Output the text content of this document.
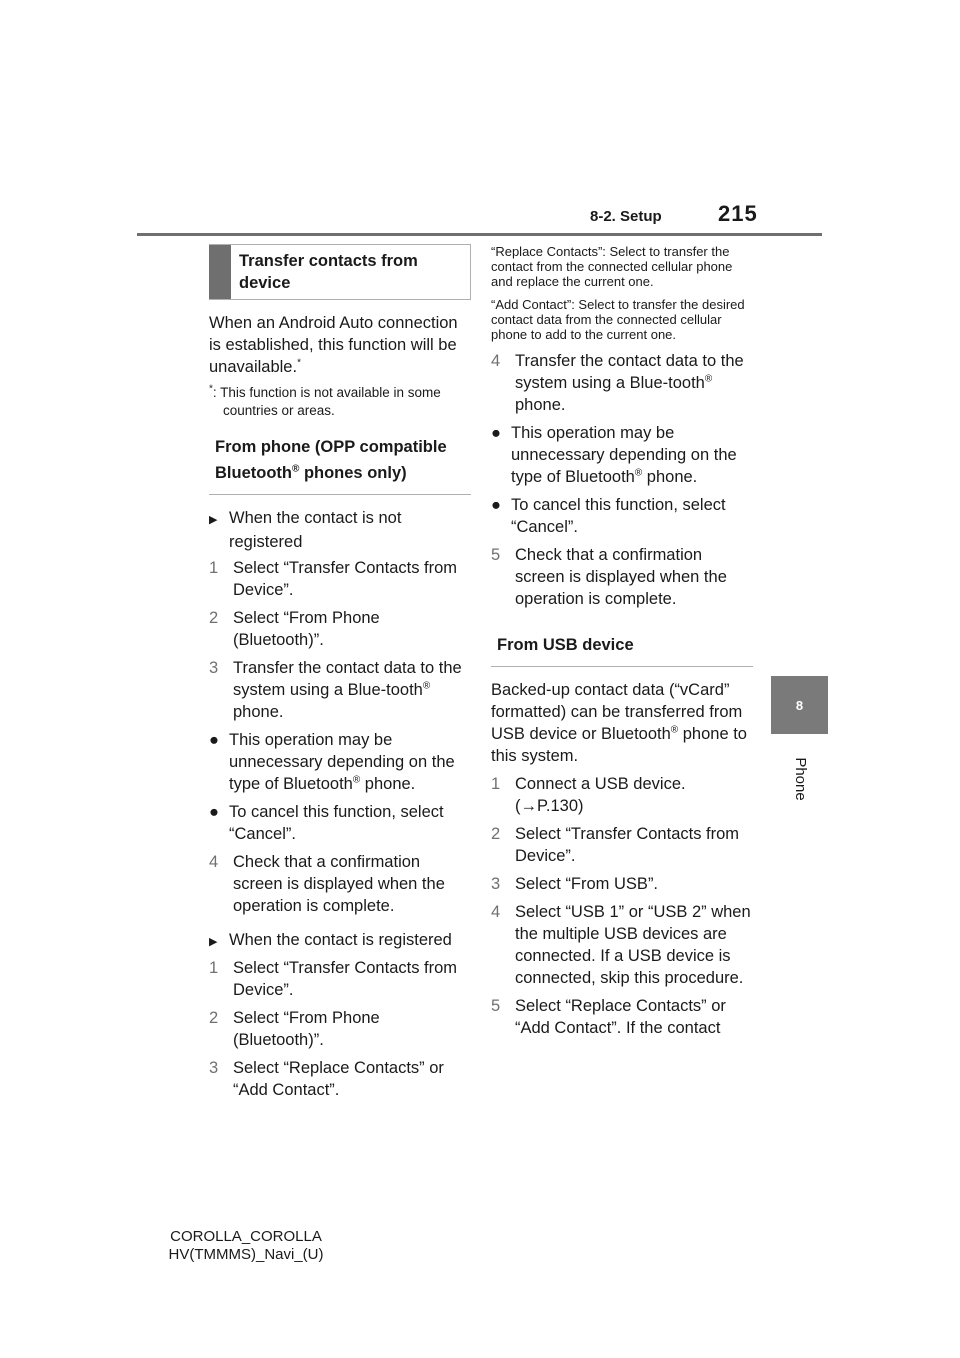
8-2. Setup	215
8
Phone
Transfer contacts from device

When an Android Auto connection is established, this function will be unavailable.*

*: This function is not available in some countries or areas.

From phone (OPP compatible Bluetooth® phones only)

▶ When the contact is not registered

1 Select “Transfer Contacts from Device”.

2 Select “From Phone (Bluetooth)”.

3 Transfer the contact data to the system using a Blue-tooth® phone.

● This operation may be unnecessary depending on the type of Bluetooth® phone.

● To cancel this function, select “Cancel”.

4 Check that a confirmation screen is displayed when the operation is complete.

▶ When the contact is registered

1 Select “Transfer Contacts from Device”.

2 Select “From Phone (Bluetooth)”.

3 Select “Replace Contacts” or “Add Contact”.

“Replace Contacts”: Select to transfer the contact from the connected cellular phone and replace the current one.

“Add Contact”: Select to transfer the desired contact data from the connected cellular phone to add to the current one.

4 Transfer the contact data to the system using a Blue-tooth® phone.

● This operation may be unnecessary depending on the type of Bluetooth® phone.

● To cancel this function, select “Cancel”.

5 Check that a confirmation screen is displayed when the operation is complete.

From USB device

Backed-up contact data (“vCard” formatted) can be transferred from USB device or Bluetooth® phone to this system.

1 Connect a USB device. (→P.130)

2 Select “Transfer Contacts from Device”.

3 Select “From USB”.

4 Select “USB 1” or “USB 2” when the multiple USB devices are connected. If a USB device is connected, skip this procedure.

5 Select “Replace Contacts” or “Add Contact”. If the contact

COROLLA_COROLLA
HV(TMMMS)_Navi_(U)
